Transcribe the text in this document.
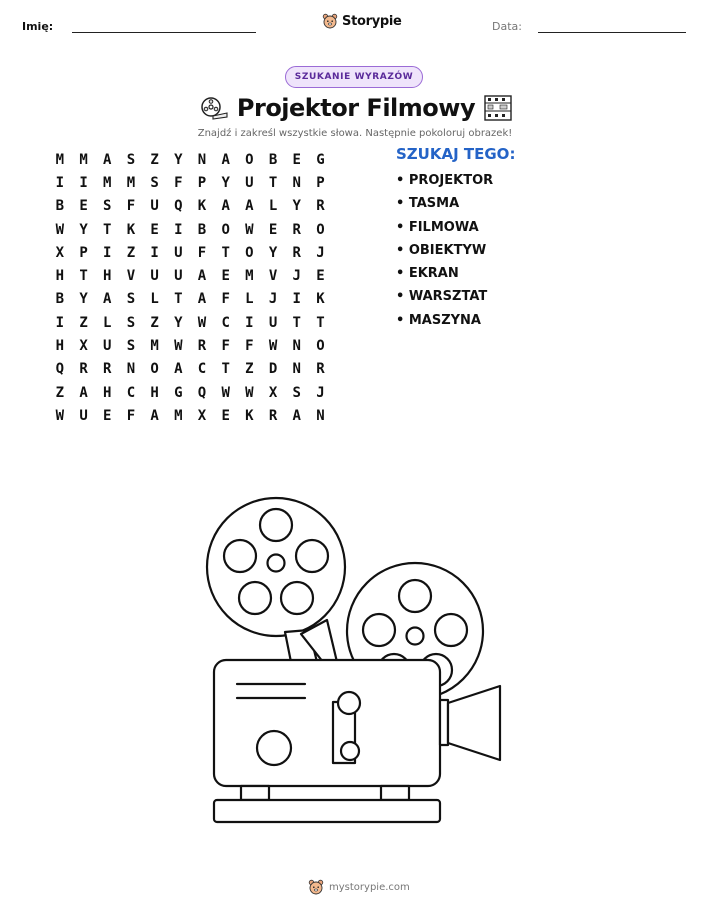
Imię:	Storypie	Data:
SZUKANIE WYRAZÓW
Projektor Filmowy
Znajdź i zakreśl wszystkie słowa. Następnie pokoloruj obrazek!
M	M	A	S	Z	Y	N	A	O	B	E	G
I	I	M	M	S	F	P	Y	U	T	N	P
B	E	S	F	U	Q	K	A	A	L	Y	R
W	Y	T	K	E	I	B	O	W	E	R	O
X	P	I	Z	I	U	F	T	O	Y	R	J
H	T	H	V	U	U	A	E	M	V	J	E
B	Y	A	S	L	T	A	F	L	J	I	K
I	Z	L	S	Z	Y	W	C	I	U	T	T
H	X	U	S	M	W	R	F	F	W	N	O
Q	R	R	N	O	A	C	T	Z	D	N	R
Z	A	H	C	H	G	Q	W	W	X	S	J
W	U	E	F	A	M	X	E	K	R	A	N
SZUKAJ TEGO:
• PROJEKTOR
• TASMA
• FILMOWA
• OBIEKTYW
• EKRAN
• WARSZTAT
• MASZYNA
mystorypie.com
